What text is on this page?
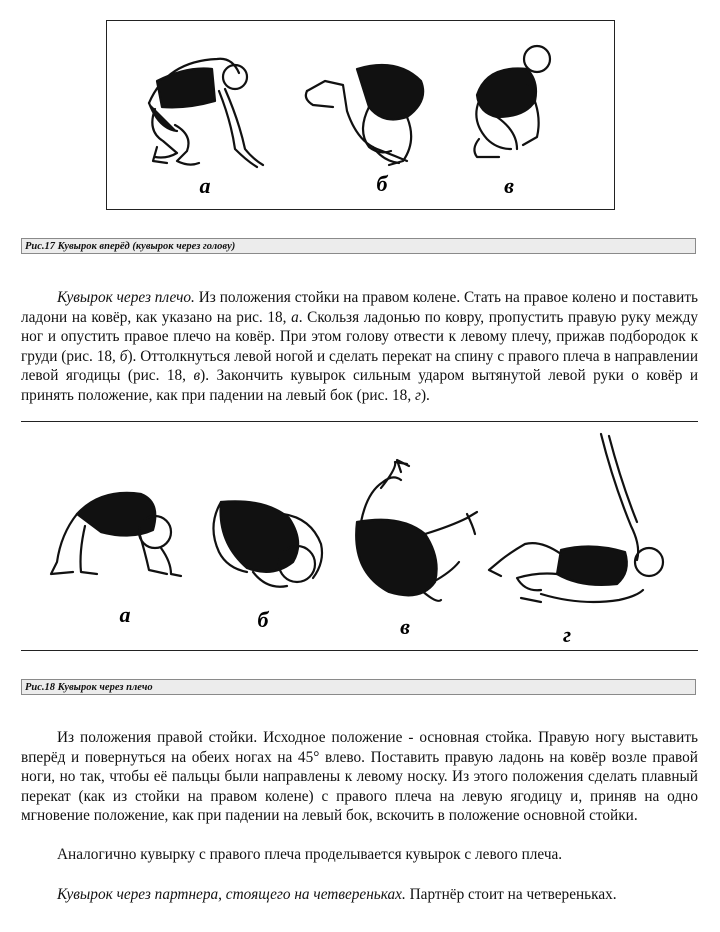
а	б	в
Рис.17 Кувырок вперёд (кувырок через голову)

Кувырок через плечо. Из положения стойки на правом колене. Стать на правое колено и поставить ладони на ковёр, как указано на рис. 18, а. Скользя ладонью по ковру, пропустить правую руку между ног и опустить правое плечо на ковёр. При этом голову отвести к левому плечу, прижав подбородок к груди (рис. 18, б). Оттолкнуться левой ногой и сделать перекат на спину с правого плеча в направлении левой ягодицы (рис. 18, в). Закончить кувырок сильным ударом вытянутой левой руки о ковёр и принять положение, как при падении на левый бок (рис. 18, г).

а	б	в	г
Рис.18 Кувырок через плечо

Из положения правой стойки. Исходное положение - основная стойка. Правую ногу выставить вперёд и повернуться на обеих ногах на 45° влево. Поставить правую ладонь на ковёр возле правой ноги, но так, чтобы её пальцы были направлены к левому носку. Из этого положения сделать плавный перекат (как из стойки на правом колене) с правого плеча на левую ягодицу и, приняв на одно мгновение положение, как при падении на левый бок, вскочить в положение основной стойки.

Аналогично кувырку с правого плеча проделывается кувырок с левого плеча.

Кувырок через партнера, стоящего на четвереньках. Партнёр стоит на четвереньках.
